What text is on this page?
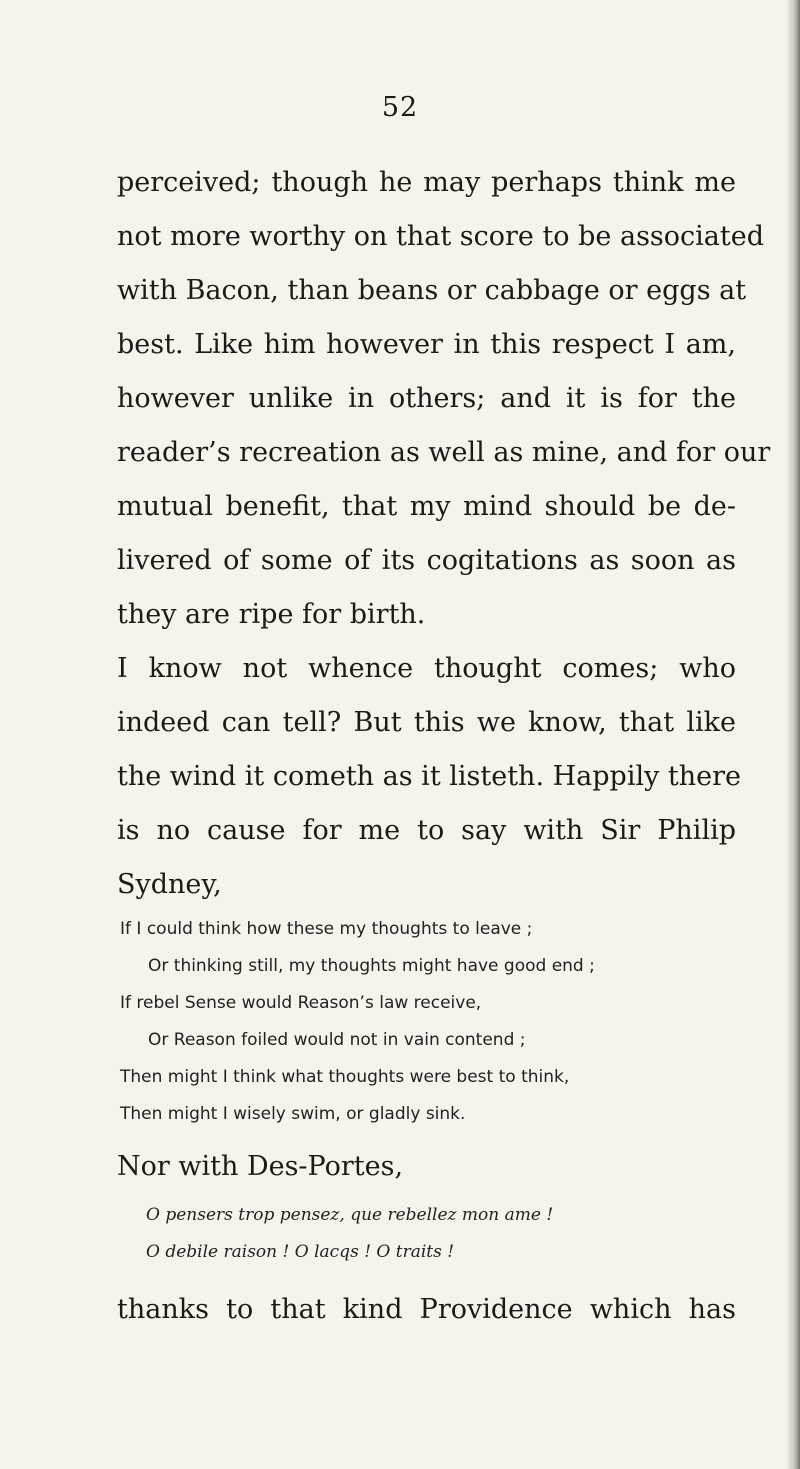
52
perceived; though he may perhaps think me
not more worthy on that score to be associated
with Bacon, than beans or cabbage or eggs at
best. Like him however in this respect I am,
however unlike in others; and it is for the
reader’s recreation as well as mine, and for our
mutual benefit, that my mind should be de-
livered of some of its cogitations as soon as
they are ripe for birth.
I know not whence thought comes; who
indeed can tell? But this we know, that like
the wind it cometh as it listeth. Happily there
is no cause for me to say with Sir Philip
Sydney,
If I could think how these my thoughts to leave ;
Or thinking still, my thoughts might have good end ;
If rebel Sense would Reason’s law receive,
Or Reason foiled would not in vain contend ;
Then might I think what thoughts were best to think,
Then might I wisely swim, or gladly sink.
Nor with Des-Portes,
O pensers trop pensez, que rebellez mon ame !
O debile raison ! O lacqs ! O traits !
thanks to that kind Providence which has
